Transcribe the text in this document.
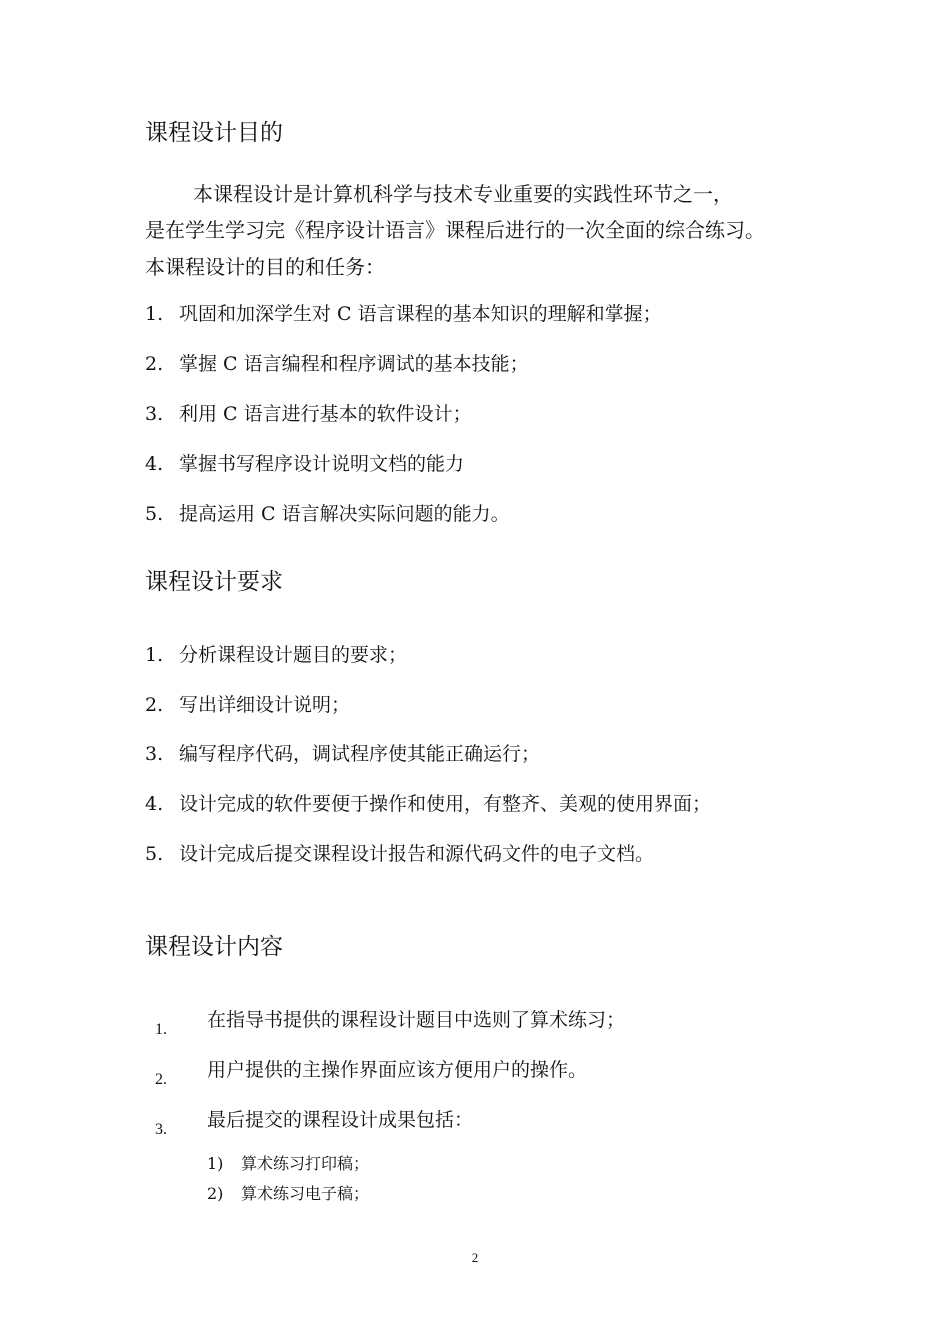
课程设计目的
本课程设计是计算机科学与技术专业重要的实践性环节之一，
是在学生学习完《程序设计语言》课程后进行的一次全面的综合练习。
本课程设计的目的和任务：
1. 巩固和加深学生对 C 语言课程的基本知识的理解和掌握；
2. 掌握 C 语言编程和程序调试的基本技能；
3. 利用 C 语言进行基本的软件设计；
4. 掌握书写程序设计说明文档的能力
5. 提高运用 C 语言解决实际问题的能力。
课程设计要求
1. 分析课程设计题目的要求；
2. 写出详细设计说明；
3. 编写程序代码，调试程序使其能正确运行；
4. 设计完成的软件要便于操作和使用，有整齐、美观的使用界面；
5. 设计完成后提交课程设计报告和源代码文件的电子文档。
课程设计内容
1. 在指导书提供的课程设计题目中选则了算术练习；
2. 用户提供的主操作界面应该方便用户的操作。
3. 最后提交的课程设计成果包括：
1) 算术练习打印稿；
2) 算术练习电子稿；
2
